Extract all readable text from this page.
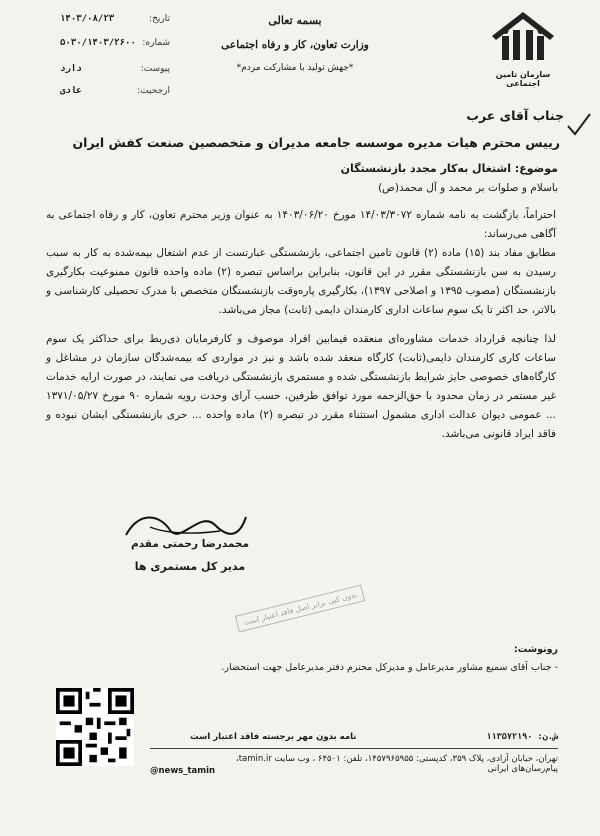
سازمان تامین اجتماعی
بسمه تعالی
وزارت تعاون، کار و رفاه اجتماعی
*جهش تولید با مشارکت مردم*
تاریخ:
۱۴۰۳/۰۸/۲۳
شماره:
۵۰۳۰/۱۴۰۳/۲۶۰۰
پیوست:
دارد
ارجحیت:
عادی
جناب آقای عرب
رییس محترم هیات مدیره موسسه جامعه مدیران و متخصصین صنعت کفش ایران
موضوع: اشتغال به‌کار مجدد بازنشستگان
باسلام و صلوات بر محمد و آل محمد(ص)
احتراماً، بازگشت به نامه شماره ۱۴/۰۳/۳۰۷۲ مورخ ۱۴۰۳/۰۶/۲۰ به عنوان وزیر محترم تعاون، کار و رفاه اجتماعی به آگاهی می‌رساند:
مطابق مفاد بند (۱۵) ماده (۲) قانون تامین اجتماعی، بازنشستگی عبارتست از عدم اشتغال بیمه‌شده به کار به سبب رسیدن به سن بازنشستگی مقرر در این قانون، بنابراین براساس تبصره (۲) ماده واحده قانون ممنوعیت بکارگیری بازنشستگان (مصوب ۱۳۹۵ و اصلاحی ۱۳۹۷)، بکارگیری پاره‌وقت بازنشستگان متخصص با مدرک تحصیلی کارشناسی و بالاتر، حد اکثر تا یک سوم ساعات اداری کارمندان دایمی (ثابت) مجاز می‌باشد.
لذا چنانچه قرارداد خدمات مشاوره‌ای منعقده فیمابین افراد موصوف و کارفرمایان ذی‌ربط برای حداکثر یک سوم ساعات کاری کارمندان دایمی(ثابت) کارگاه منعقد شده باشد و نیز در مواردی که بیمه‌شدگان سازمان در مشاغل و کارگاه‌های خصوصی حایز شرایط بازنشستگی شده و مستمری بازنشستگی دریافت می نمایند، در صورت ارایه خدمات غیر مستمر در زمان محدود با حق‌الزحمه مورد توافق طرفین، حسب آرای وحدت رویه شماره ۹۰ مورخ ۱۳۷۱/۰۵/۲۷ ... عمومی دیوان عدالت اداری مشمول استثناء مقرر در تبصره (۲) ماده واحده ... حری بازنشستگی ایشان نبوده و فاقد ایراد قانونی می‌باشد.
محمدرضا رحمتی مقدم
مدیر کل مستمری ها
بدون کپی برابر اصل فاقد اعتبار است
رونوشت:
- جناب آقای سمیع مشاور مدیرعامل و مدیرکل محترم دفتر مدیرعامل جهت استحضار.
ش.ن: ۱۱۳۵۷۲۱۹۰
نامه بدون مهر برجسته فاقد اعتبار است
تهران، خیابان آزادی، پلاک ۳۵۹، کدپستی: ۱۴۵۷۹۶۵۹۵۵، تلفن: ۶۴۵۰۱ ، وب سایت tamin.ir، پیام‌رسان‌های ایرانی
@news_tamin
